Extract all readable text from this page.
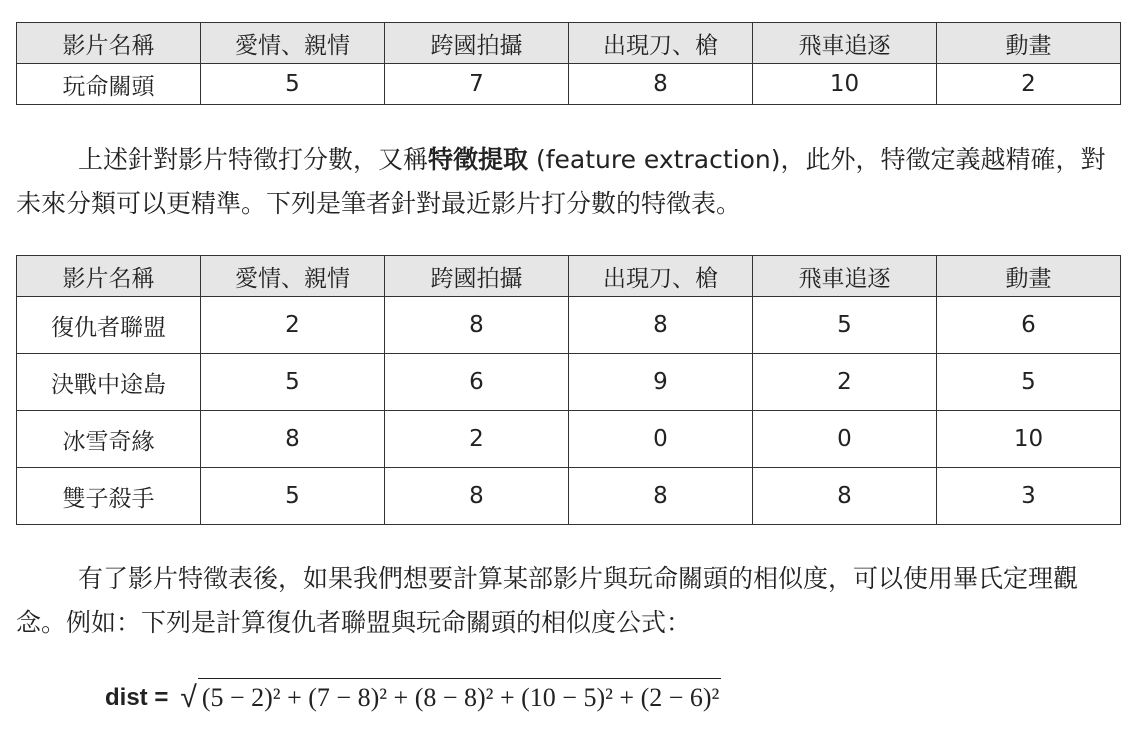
影片名稱	愛情、親情	跨國拍攝	出現刀、槍	飛車追逐	動畫
玩命關頭	5	7	8	10	2

上述針對影片特徵打分數，又稱特徵提取 (feature extraction)，此外，特徵定義越精確，對未來分類可以更精準。下列是筆者針對最近影片打分數的特徵表。

影片名稱	愛情、親情	跨國拍攝	出現刀、槍	飛車追逐	動畫
復仇者聯盟	2	8	8	5	6
決戰中途島	5	6	9	2	5
冰雪奇緣	8	2	0	0	10
雙子殺手	5	8	8	8	3

有了影片特徵表後，如果我們想要計算某部影片與玩命關頭的相似度，可以使用畢氏定理觀念。例如：下列是計算復仇者聯盟與玩命關頭的相似度公式：

dist = √ (5 − 2)² + (7 − 8)² + (8 − 8)² + (10 − 5)² + (2 − 6)²
